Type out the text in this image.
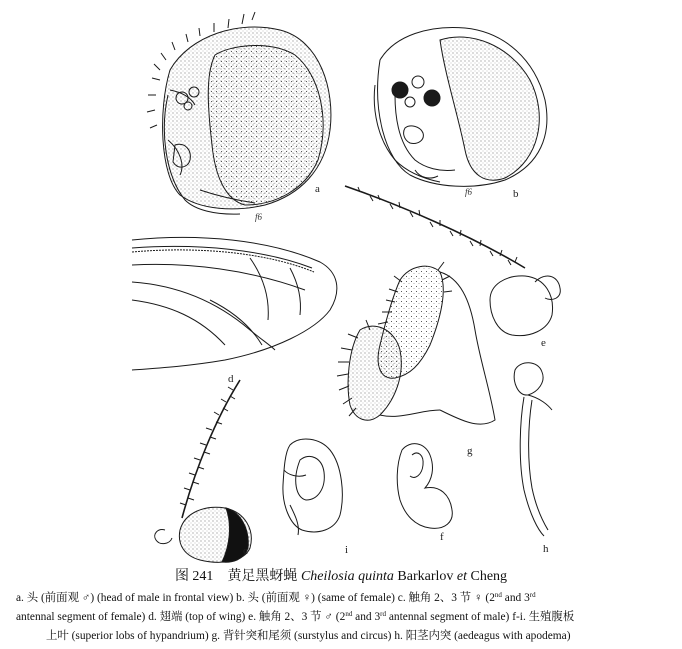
f6
f6
a	b
d
e
g
c	i
f
h
图 241 黄足黑蚜蝇 Cheilosia quinta Barkarlov et Cheng
a. 头 (前面观 ♂) (head of male in frontal view) b. 头 (前面观 ♀) (same of female) c. 触角 2、3 节 ♀ (2nd and 3rd
antennal segment of female) d. 翅端 (top of wing) e. 触角 2、3 节 ♂ (2nd and 3rd antennal segment of male) f-i. 生殖腹板
上叶 (superior lobs of hypandrium) g. 背针突和尾须 (surstylus and circus) h. 阳茎内突 (aedeagus with apodema)
